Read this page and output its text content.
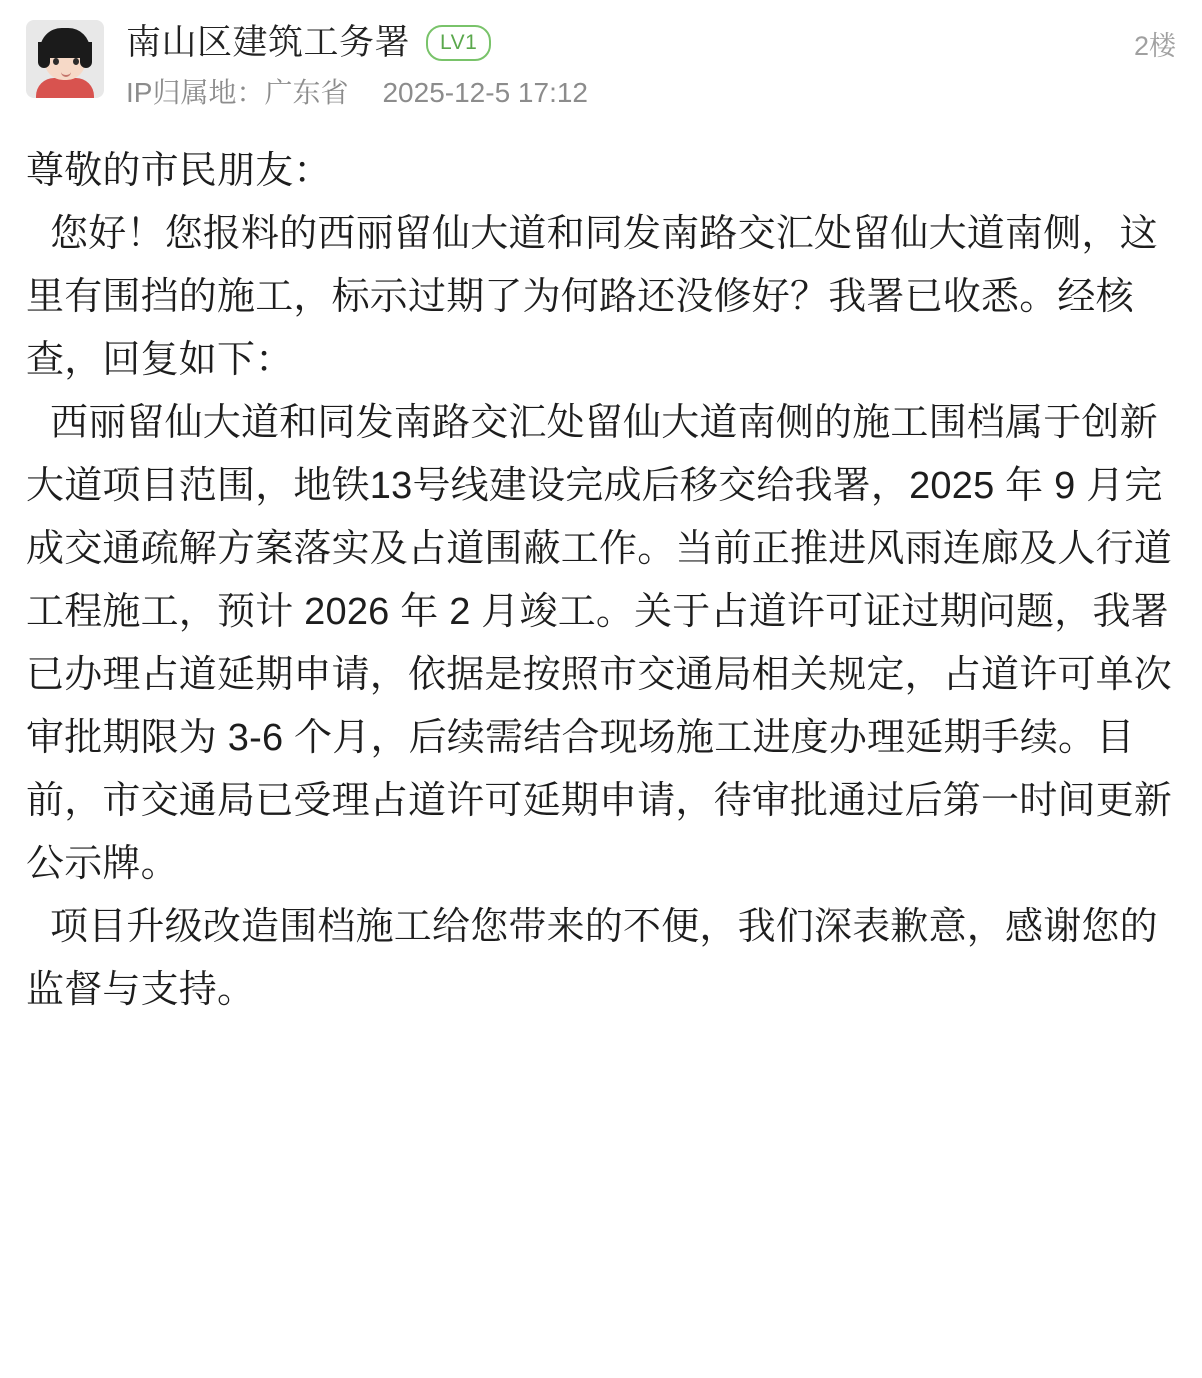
南山区建筑工务署	LV1
IP归属地：广东省 2025-12-5 17:12
2楼

尊敬的市民朋友：

您好！您报料的西丽留仙大道和同发南路交汇处留仙大道南侧，这里有围挡的施工，标示过期了为何路还没修好？我署已收悉。经核查，回复如下：

西丽留仙大道和同发南路交汇处留仙大道南侧的施工围档属于创新大道项目范围，地铁13号线建设完成后移交给我署，2025 年 9 月完成交通疏解方案落实及占道围蔽工作。当前正推进风雨连廊及人行道工程施工，预计 2026 年 2 月竣工。关于占道许可证过期问题，我署已办理占道延期申请，依据是按照市交通局相关规定，占道许可单次审批期限为 3-6 个月，后续需结合现场施工进度办理延期手续。目前，市交通局已受理占道许可延期申请，待审批通过后第一时间更新公示牌。

项目升级改造围档施工给您带来的不便，我们深表歉意，感谢您的监督与支持。
